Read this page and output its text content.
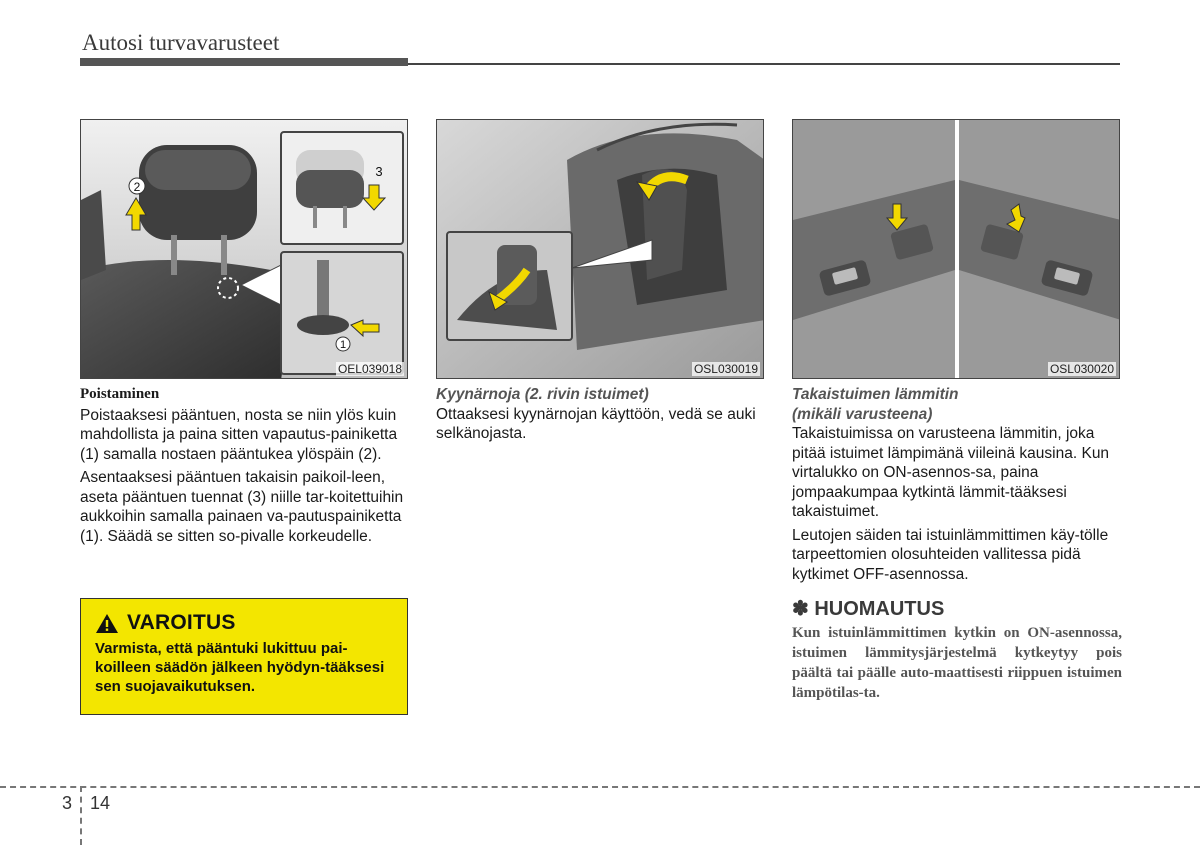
Autosi turvavarusteet
2
3
1
OEL039018	OSL030019	OSL030020
Poistaminen

Poistaaksesi pääntuen, nosta se niin ylös kuin mahdollista ja paina sitten vapautus-painiketta (1) samalla nostaen pääntukea ylöspäin (2).

Asentaaksesi pääntuen takaisin paikoil-leen, aseta pääntuen tuennat (3) niille tar-koitettuihin aukkoihin samalla painaen va-pautuspainiketta (1). Säädä se sitten so-pivalle korkeudelle.

VAROITUS
Varmista, että pääntuki lukittuu pai-koilleen säädön jälkeen hyödyn-tääksesi sen suojavaikutuksen.
Kyynärnoja (2. rivin istuimet)

Ottaaksesi kyynärnojan käyttöön, vedä se auki selkänojasta.

Takaistuimen lämmitin
(mikäli varusteena)

Takaistuimissa on varusteena lämmitin, joka pitää istuimet lämpimänä viileinä kausina. Kun virtalukko on ON-asennos-sa, paina jompaakumpaa kytkintä lämmit-tääksesi takaistuimet.

Leutojen säiden tai istuinlämmittimen käy-tölle tarpeettomien olosuhteiden vallitessa pidä kytkimet OFF-asennossa.

✽ HUOMAUTUS
Kun istuinlämmittimen kytkin on ON-asennossa, istuimen lämmitysjärjestelmä kytkeytyy pois päältä tai päälle auto-maattisesti riippuen istuimen lämpötilas-ta.
3 14
